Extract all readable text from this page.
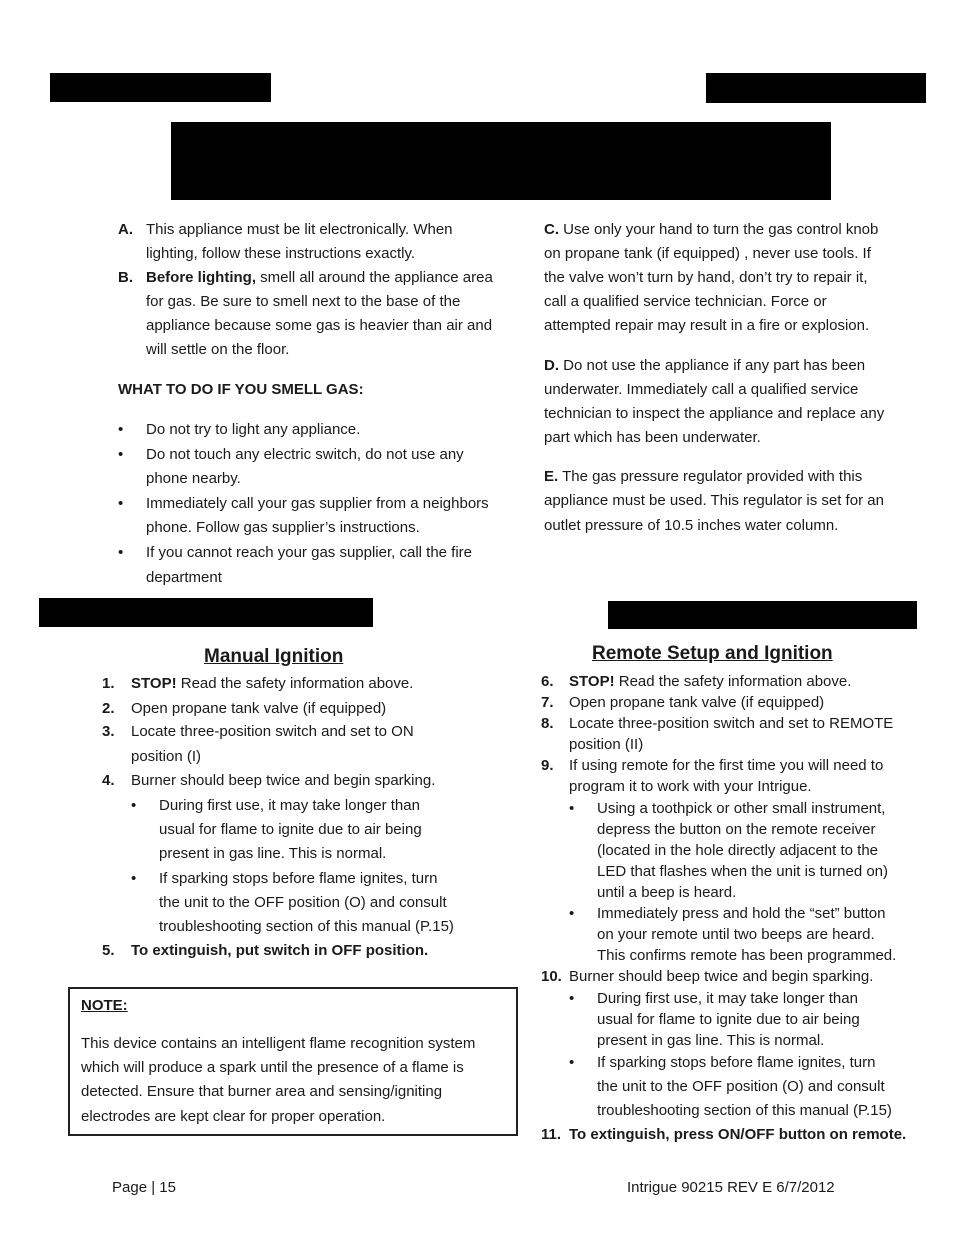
A. This appliance must be lit electronically. When
lighting, follow these instructions exactly.
B. Before lighting, smell all around the appliance area
for gas. Be sure to smell next to the base of the
appliance because some gas is heavier than air and
will settle on the floor.
WHAT TO DO IF YOU SMELL GAS:
• Do not try to light any appliance.
• Do not touch any electric switch, do not use any
phone nearby.
• Immediately call your gas supplier from a neighbors
phone. Follow gas supplier’s instructions.
• If you cannot reach your gas supplier, call the fire
department
C. Use only your hand to turn the gas control knob
on propane tank (if equipped) , never use tools. If
the valve won’t turn by hand, don’t try to repair it,
call a qualified service technician. Force or
attempted repair may result in a fire or explosion.
D. Do not use the appliance if any part has been
underwater. Immediately call a qualified service
technician to inspect the appliance and replace any
part which has been underwater.
E. The gas pressure regulator provided with this
appliance must be used. This regulator is set for an
outlet pressure of 10.5 inches water column.
Manual Ignition
1. STOP! Read the safety information above.
2. Open propane tank valve (if equipped)
3. Locate three-position switch and set to ON
position (I)
4. Burner should beep twice and begin sparking.
• During first use, it may take longer than
usual for flame to ignite due to air being
present in gas line. This is normal.
• If sparking stops before flame ignites, turn
the unit to the OFF position (O) and consult
troubleshooting section of this manual (P.15)
5. To extinguish, put switch in OFF position.
NOTE:
This device contains an intelligent flame recognition system
which will produce a spark until the presence of a flame is
detected. Ensure that burner area and sensing/igniting
electrodes are kept clear for proper operation.
Remote Setup and Ignition
6. STOP! Read the safety information above.
7. Open propane tank valve (if equipped)
8. Locate three-position switch and set to REMOTE
position (II)
9. If using remote for the first time you will need to
program it to work with your Intrigue.
• Using a toothpick or other small instrument,
depress the button on the remote receiver
(located in the hole directly adjacent to the
LED that flashes when the unit is turned on)
until a beep is heard.
• Immediately press and hold the “set” button
on your remote until two beeps are heard.
This confirms remote has been programmed.
10. Burner should beep twice and begin sparking.
• During first use, it may take longer than
usual for flame to ignite due to air being
present in gas line. This is normal.
• If sparking stops before flame ignites, turn
the unit to the OFF position (O) and consult
troubleshooting section of this manual (P.15)
11. To extinguish, press ON/OFF button on remote.
Page | 15	Intrigue 90215 REV E 6/7/2012
